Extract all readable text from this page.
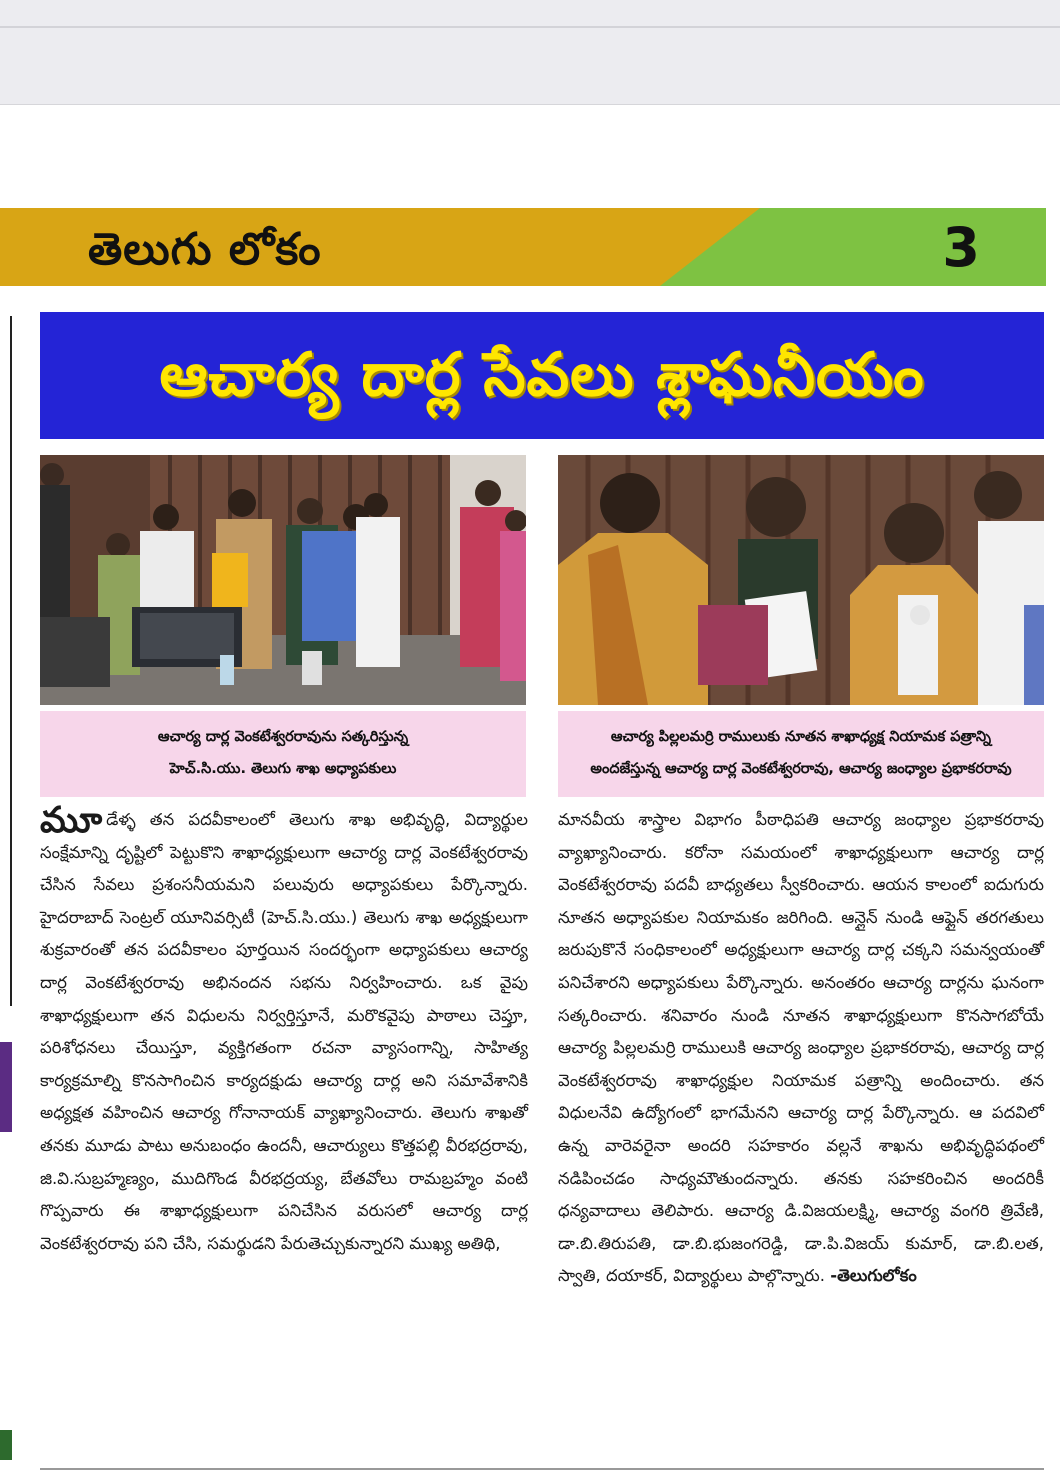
తెలుగు లోకం	3
ఆచార్య దార్ల సేవలు శ్లాఘనీయం
ఆచార్య దార్ల వెంకటేశ్వరరావును సత్కరిస్తున్న
హెచ్.సి.యు. తెలుగు శాఖ అధ్యాపకులు
ఆచార్య పిల్లలమర్రి రాములుకు నూతన శాఖాధ్యక్ష నియామక పత్రాన్ని
అందజేస్తున్న ఆచార్య దార్ల వెంకటేశ్వరరావు, ఆచార్య జంధ్యాల ప్రభాకరరావు
మూడేళ్ళ తన పదవీకాలంలో తెలుగు శాఖ అభివృద్ధి, విద్యార్థుల సంక్షేమాన్ని దృష్టిలో పెట్టుకొని శాఖాధ్యక్షులుగా ఆచార్య దార్ల వెంకటేశ్వరరావు చేసిన సేవలు ప్రశంసనీయమని పలువురు అధ్యాపకులు పేర్కొన్నారు. హైదరాబాద్ సెంట్రల్ యూనివర్సిటీ (హెచ్.సి.యు.) తెలుగు శాఖ అధ్యక్షులుగా శుక్రవారంతో తన పదవీకాలం పూర్తయిన సందర్భంగా అధ్యాపకులు ఆచార్య దార్ల వెంకటేశ్వరరావు అభినందన సభను నిర్వహించారు. ఒక వైపు శాఖాధ్యక్షులుగా తన విధులను నిర్వర్తిస్తూనే, మరొకవైపు పాఠాలు చెప్తూ, పరిశోధనలు చేయిస్తూ, వ్యక్తిగతంగా రచనా వ్యాసంగాన్ని, సాహిత్య కార్యక్రమాల్ని కొనసాగించిన కార్యదక్షుడు ఆచార్య దార్ల అని సమావేశానికి అధ్యక్షత వహించిన ఆచార్య గోనానాయక్ వ్యాఖ్యానించారు. తెలుగు శాఖతో తనకు మూడు పాటు అనుబంధం ఉందనీ, ఆచార్యులు కొత్తపల్లి వీరభద్రరావు, జి.వి.సుబ్రహ్మణ్యం, ముదిగొండ వీరభద్రయ్య, బేతవోలు రామబ్రహ్మం వంటి గొప్పవారు ఈ శాఖాధ్యక్షులుగా పనిచేసిన వరుసలో ఆచార్య దార్ల వెంకటేశ్వరరావు పని చేసి, సమర్థుడని పేరుతెచ్చుకున్నారని ముఖ్య అతిథి,
మానవీయ శాస్త్రాల విభాగం పీఠాధిపతి ఆచార్య జంధ్యాల ప్రభాకరరావు వ్యాఖ్యానించారు. కరోనా సమయంలో శాఖాధ్యక్షులుగా ఆచార్య దార్ల వెంకటేశ్వరరావు పదవీ బాధ్యతలు స్వీకరించారు. ఆయన కాలంలో ఐదుగురు నూతన అధ్యాపకుల నియామకం జరిగింది. ఆన్లైన్ నుండి ఆఫ్లైన్ తరగతులు జరుపుకొనే సంధికాలంలో అధ్యక్షులుగా ఆచార్య దార్ల చక్కని సమన్వయంతో పనిచేశారని అధ్యాపకులు పేర్కొన్నారు. అనంతరం ఆచార్య దార్లను ఘనంగా సత్కరించారు. శనివారం నుండి నూతన శాఖాధ్యక్షులుగా కొనసాగబోయే ఆచార్య పిల్లలమర్రి రాములుకి ఆచార్య జంధ్యాల ప్రభాకరరావు, ఆచార్య దార్ల వెంకటేశ్వరరావు శాఖాధ్యక్షుల నియామక పత్రాన్ని అందించారు. తన విధులనేవి ఉద్యోగంలో భాగమేనని ఆచార్య దార్ల పేర్కొన్నారు. ఆ పదవిలో ఉన్న వారెవరైనా అందరి సహకారం వల్లనే శాఖను అభివృద్ధిపథంలో నడిపించడం సాధ్యమౌతుందన్నారు. తనకు సహకరించిన అందరికీ ధన్యవాదాలు తెలిపారు. ఆచార్య డి.విజయలక్ష్మి, ఆచార్య వంగరి త్రివేణి, డా.బి.తిరుపతి, డా.బి.భుజంగరెడ్డి, డా.పి.విజయ్ కుమార్, డా.బి.లత, స్వాతి, దయాకర్, విద్యార్థులు పాల్గొన్నారు. -తెలుగులోకం
